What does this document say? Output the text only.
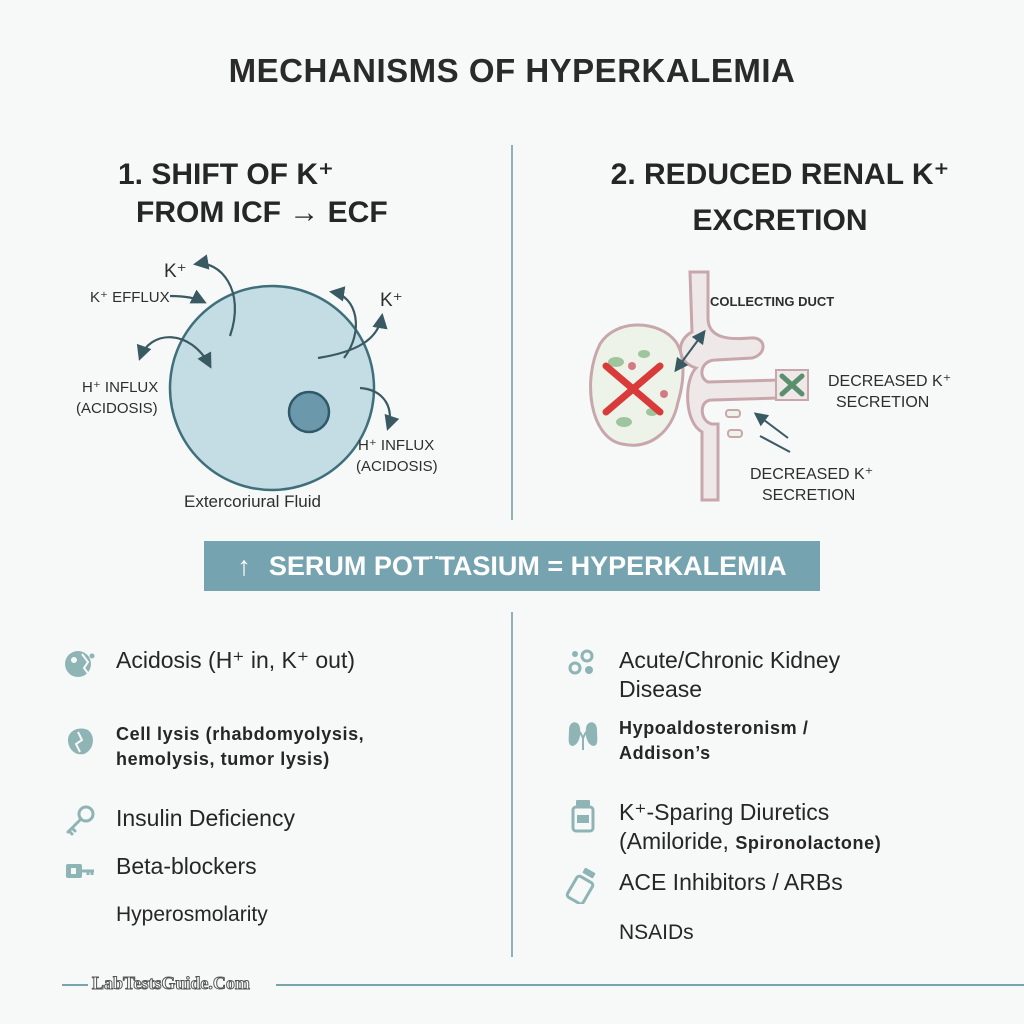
MECHANISMS OF HYPERKALEMIA
1. SHIFT OF K⁺
FROM ICF → ECF
2. REDUCED RENAL K⁺
EXCRETION
K⁺
K⁺ EFFLUX	K⁺
H⁺ INFLUX
(ACIDOSIS)
H⁺ INFLUX
(ACIDOSIS)
Extercoriural Fluid
COLLECTING DUCT
DECREASED K⁺
SECRETION
DECREASED K⁺
SECRETION
↑ SERUM POT¨TASIUM = HYPERKALEMIA
Acidosis (H⁺ in, K⁺ out)
Cell lysis (rhabdomyolysis,
hemolysis, tumor lysis)
Insulin Deficiency
Beta-blockers
Hyperosmolarity
Acute/Chronic Kidney
Disease
Hypoaldosteronism /
Addison’s
K⁺-Sparing Diuretics
(Amiloride, Spironolactone)
ACE Inhibitors / ARBs
NSAIDs
LabTestsGuide.Com
